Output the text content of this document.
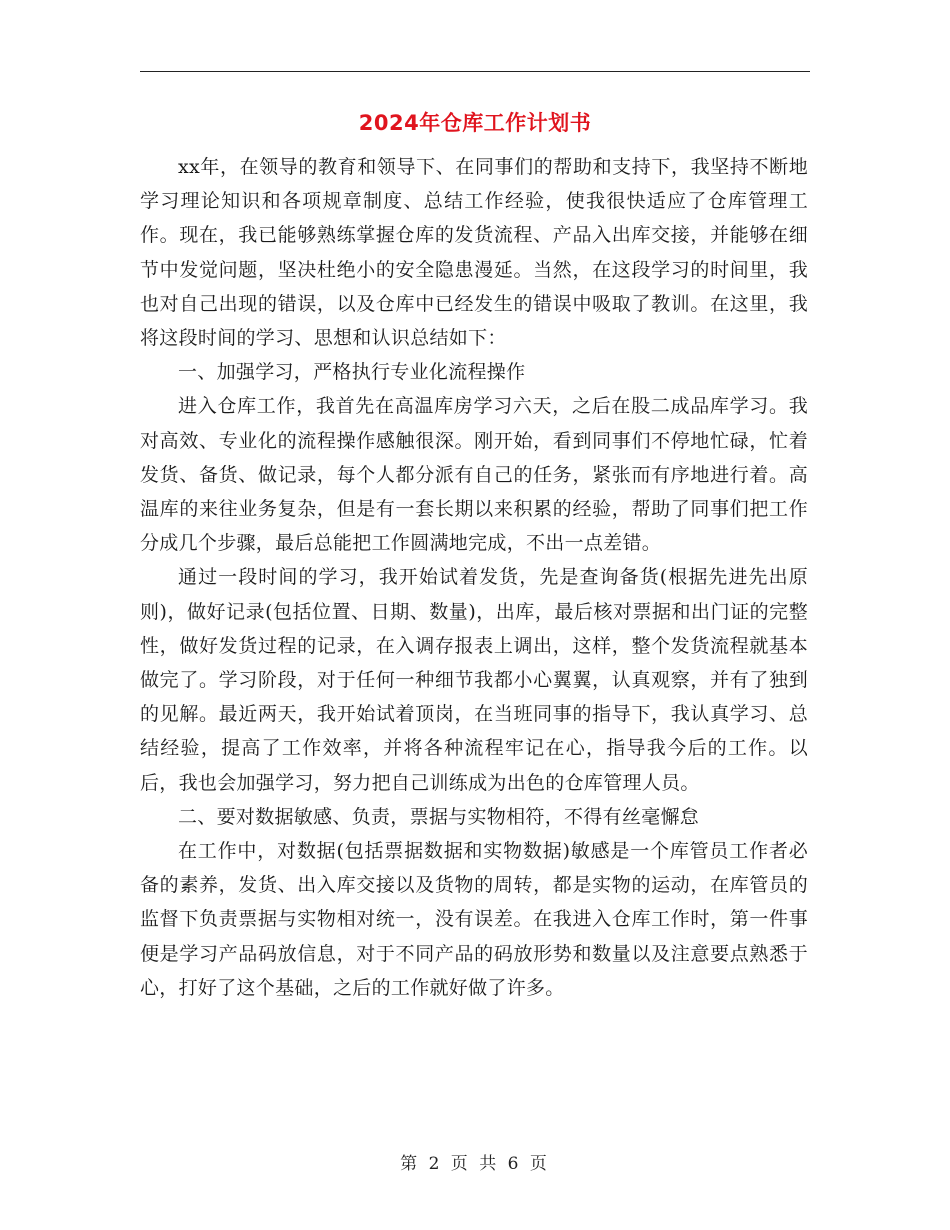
2024年仓库工作计划书

xx年，在领导的教育和领导下、在同事们的帮助和支持下，我坚持不断地学习理论知识和各项规章制度、总结工作经验，使我很快适应了仓库管理工作。现在，我已能够熟练掌握仓库的发货流程、产品入出库交接，并能够在细节中发觉问题，坚决杜绝小的安全隐患漫延。当然，在这段学习的时间里，我也对自己出现的错误，以及仓库中已经发生的错误中吸取了教训。在这里，我将这段时间的学习、思想和认识总结如下：

一、加强学习，严格执行专业化流程操作

进入仓库工作，我首先在高温库房学习六天，之后在股二成品库学习。我对高效、专业化的流程操作感触很深。刚开始，看到同事们不停地忙碌，忙着发货、备货、做记录，每个人都分派有自己的任务，紧张而有序地进行着。高温库的来往业务复杂，但是有一套长期以来积累的经验，帮助了同事们把工作分成几个步骤，最后总能把工作圆满地完成，不出一点差错。

通过一段时间的学习，我开始试着发货，先是查询备货(根据先进先出原则)，做好记录(包括位置、日期、数量)，出库，最后核对票据和出门证的完整性，做好发货过程的记录，在入调存报表上调出，这样，整个发货流程就基本做完了。学习阶段，对于任何一种细节我都小心翼翼，认真观察，并有了独到的见解。最近两天，我开始试着顶岗，在当班同事的指导下，我认真学习、总结经验，提高了工作效率，并将各种流程牢记在心，指导我今后的工作。以后，我也会加强学习，努力把自己训练成为出色的仓库管理人员。

二、要对数据敏感、负责，票据与实物相符，不得有丝毫懈怠

在工作中，对数据(包括票据数据和实物数据)敏感是一个库管员工作者必备的素养，发货、出入库交接以及货物的周转，都是实物的运动，在库管员的监督下负责票据与实物相对统一，没有误差。在我进入仓库工作时，第一件事便是学习产品码放信息，对于不同产品的码放形势和数量以及注意要点熟悉于心，打好了这个基础，之后的工作就好做了许多。

第 2 页 共 6 页
